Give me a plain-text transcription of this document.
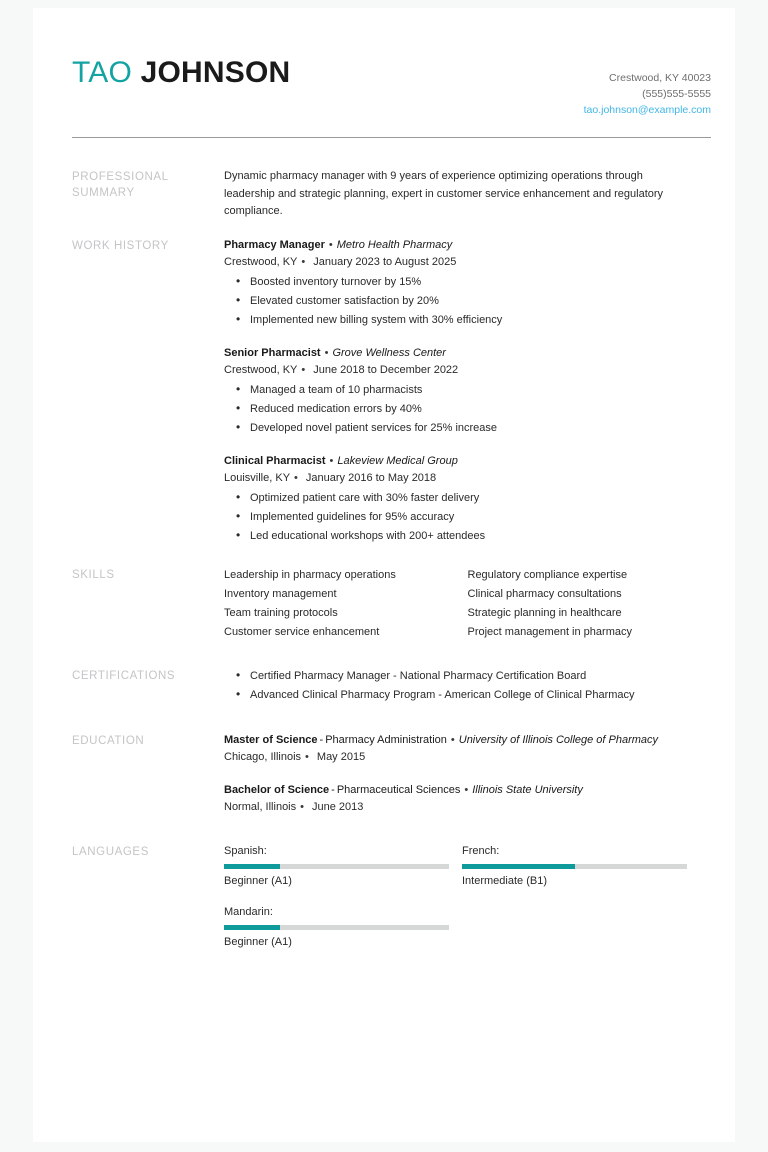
TAO JOHNSON	Crestwood, KY 40023
(555)555-5555
tao.johnson@example.com
PROFESSIONAL SUMMARY
Dynamic pharmacy manager with 9 years of experience optimizing operations through leadership and strategic planning, expert in customer service enhancement and regulatory compliance.
WORK HISTORY	Pharmacy Manager • Metro Health Pharmacy
Crestwood, KY • January 2023 to August 2025
• Boosted inventory turnover by 15%
• Elevated customer satisfaction by 20%
• Implemented new billing system with 30% efficiency
Senior Pharmacist • Grove Wellness Center
Crestwood, KY • June 2018 to December 2022
• Managed a team of 10 pharmacists
• Reduced medication errors by 40%
• Developed novel patient services for 25% increase
Clinical Pharmacist • Lakeview Medical Group
Louisville, KY • January 2016 to May 2018
• Optimized patient care with 30% faster delivery
• Implemented guidelines for 95% accuracy
• Led educational workshops with 200+ attendees
SKILLS	Leadership in pharmacy operations
Inventory management
Team training protocols
Customer service enhancement
Regulatory compliance expertise
Clinical pharmacy consultations
Strategic planning in healthcare
Project management in pharmacy
CERTIFICATIONS	• Certified Pharmacy Manager - National Pharmacy Certification Board
• Advanced Clinical Pharmacy Program - American College of Clinical Pharmacy
EDUCATION	Master of Science - Pharmacy Administration • University of Illinois College of Pharmacy
Chicago, Illinois • May 2015
Bachelor of Science - Pharmaceutical Sciences • Illinois State University
Normal, Illinois • June 2013
LANGUAGES	Spanish:
Beginner (A1)
French:
Intermediate (B1)
Mandarin:
Beginner (A1)
